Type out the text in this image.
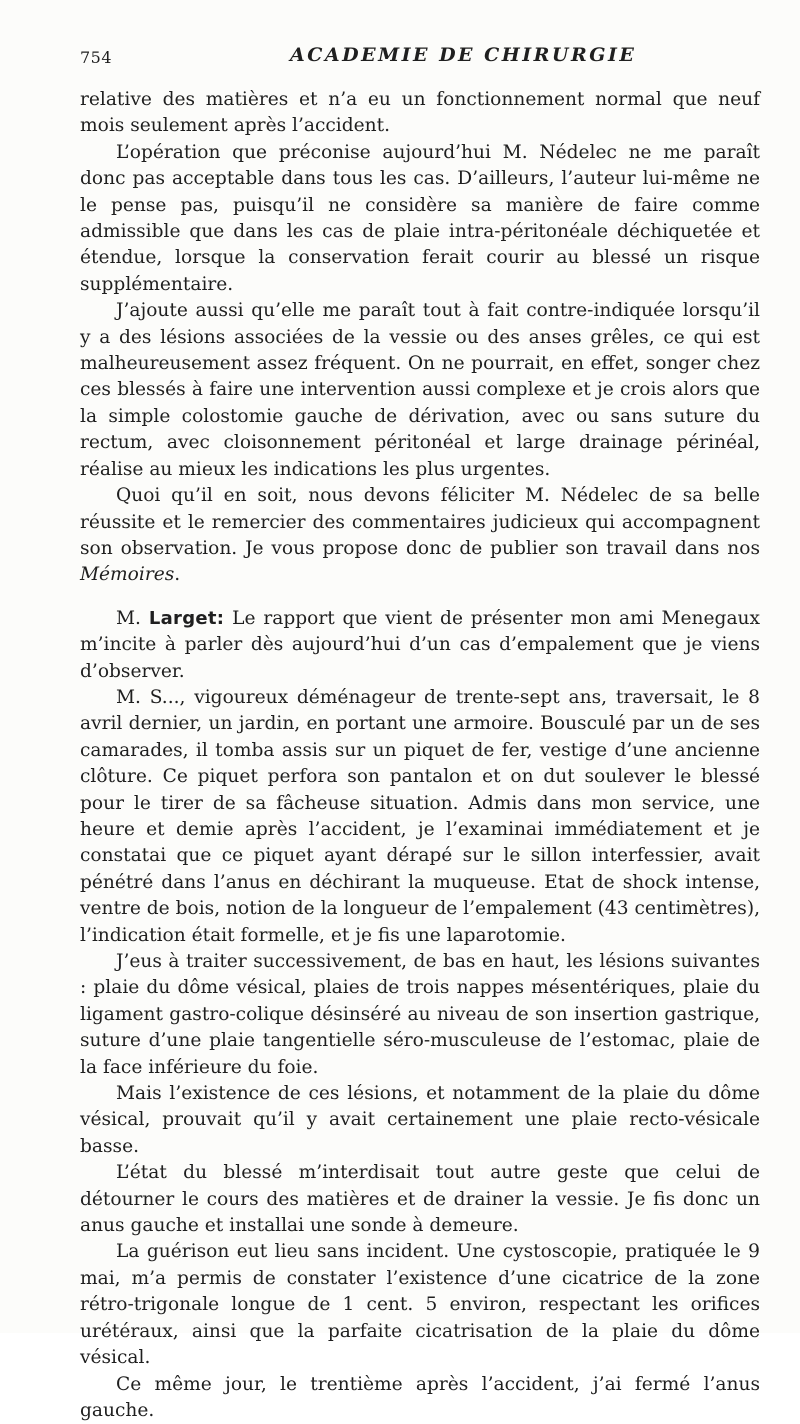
754	ACADEMIE DE CHIRURGIE

relative des matières et n’a eu un fonctionnement normal que neuf mois seulement après l’accident.

L’opération que préconise aujourd’hui M. Nédelec ne me paraît donc pas acceptable dans tous les cas. D’ailleurs, l’auteur lui-même ne le pense pas, puisqu’il ne considère sa manière de faire comme admissible que dans les cas de plaie intra-péritonéale déchiquetée et étendue, lorsque la conservation ferait courir au blessé un risque supplémentaire.

J’ajoute aussi qu’elle me paraît tout à fait contre-indiquée lorsqu’il y a des lésions associées de la vessie ou des anses grêles, ce qui est malheureusement assez fréquent. On ne pourrait, en effet, songer chez ces blessés à faire une intervention aussi complexe et je crois alors que la simple colostomie gauche de dérivation, avec ou sans suture du rectum, avec cloisonnement péritonéal et large drainage périnéal, réalise au mieux les indications les plus urgentes.

Quoi qu’il en soit, nous devons féliciter M. Nédelec de sa belle réussite et le remercier des commentaires judicieux qui accompagnent son observation. Je vous propose donc de publier son travail dans nos Mémoires.

M. Larget: Le rapport que vient de présenter mon ami Menegaux m’incite à parler dès aujourd’hui d’un cas d’empalement que je viens d’observer.

M. S..., vigoureux déménageur de trente-sept ans, traversait, le 8 avril dernier, un jardin, en portant une armoire. Bousculé par un de ses camarades, il tomba assis sur un piquet de fer, vestige d’une ancienne clôture. Ce piquet perfora son pantalon et on dut soulever le blessé pour le tirer de sa fâcheuse situation. Admis dans mon service, une heure et demie après l’accident, je l’examinai immédiatement et je constatai que ce piquet ayant dérapé sur le sillon interfessier, avait pénétré dans l’anus en déchirant la muqueuse. Etat de shock intense, ventre de bois, notion de la longueur de l’empalement (43 centimètres), l’indication était formelle, et je fis une laparotomie.

J’eus à traiter successivement, de bas en haut, les lésions suivantes : plaie du dôme vésical, plaies de trois nappes mésentériques, plaie du ligament gastro-colique désinséré au niveau de son insertion gastrique, suture d’une plaie tangentielle séro-musculeuse de l’estomac, plaie de la face inférieure du foie.

Mais l’existence de ces lésions, et notamment de la plaie du dôme vésical, prouvait qu’il y avait certainement une plaie recto-vésicale basse.

L’état du blessé m’interdisait tout autre geste que celui de détourner le cours des matières et de drainer la vessie. Je fis donc un anus gauche et installai une sonde à demeure.

La guérison eut lieu sans incident. Une cystoscopie, pratiquée le 9 mai, m’a permis de constater l’existence d’une cicatrice de la zone rétro-trigonale longue de 1 cent. 5 environ, respectant les orifices urétéraux, ainsi que la parfaite cicatrisation de la plaie du dôme vésical.

Ce même jour, le trentième après l’accident, j’ai fermé l’anus gauche.
